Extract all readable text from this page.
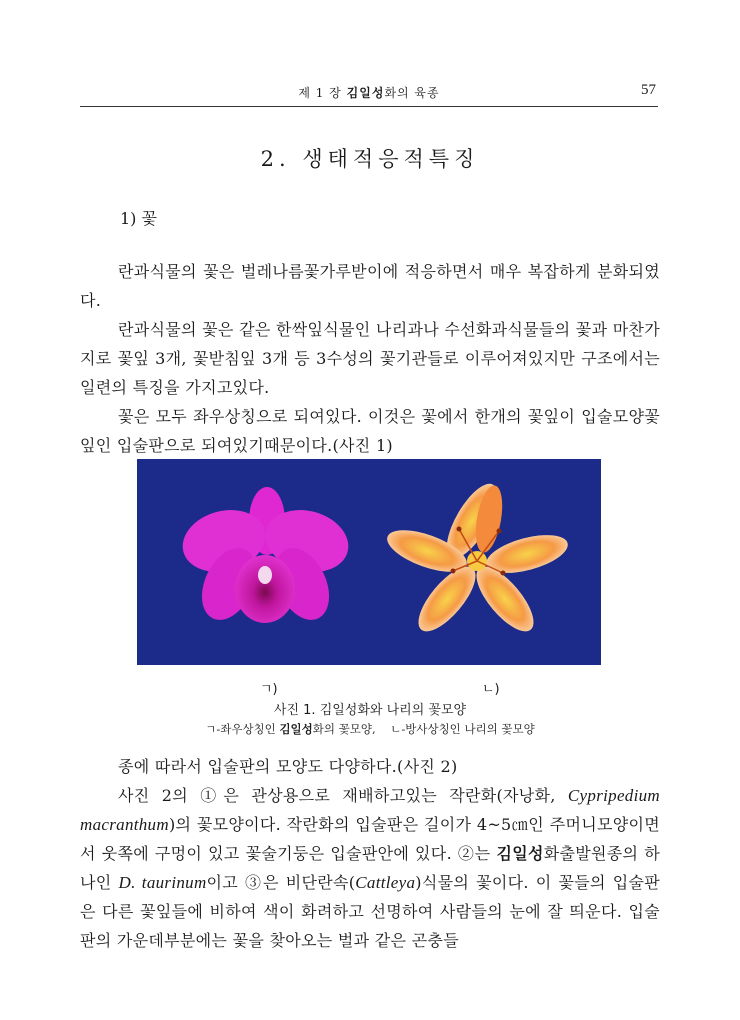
제 1 장 김일성화의 육종	57
2. 생태적응적특징
1) 꽃
란과식물의 꽃은 벌레나름꽃가루받이에 적응하면서 매우 복잡하게 분화되였다.
란과식물의 꽃은 같은 한싹잎식물인 나리과나 수선화과식물들의 꽃과 마찬가지로 꽃잎 3개, 꽃받침잎 3개 등 3수성의 꽃기관들로 이루어져있지만 구조에서는 일련의 특징을 가지고있다.
꽃은 모두 좌우상칭으로 되여있다. 이것은 꽃에서 한개의 꽃잎이 입술모양꽃잎인 입술판으로 되여있기때문이다.(사진 1)
ㄱ)	ㄴ)
사진 1. 김일성화와 나리의 꽃모양
ㄱ-좌우상칭인 김일성화의 꽃모양,    ㄴ-방사상칭인 나리의 꽃모양
종에 따라서 입술판의 모양도 다양하다.(사진 2)
사진 2의 ①은 관상용으로 재배하고있는 작란화(자낭화, Cypripedium macranthum)의 꽃모양이다. 작란화의 입술판은 길이가 4~5㎝인 주머니모양이면서 웃쪽에 구멍이 있고 꽃술기둥은 입술판안에 있다. ②는 김일성화출발원종의 하나인 D. taurinum이고 ③은 비단란속(Cattleya)식물의 꽃이다. 이 꽃들의 입술판은 다른 꽃잎들에 비하여 색이 화려하고 선명하여 사람들의 눈에 잘 띄운다. 입술판의 가운데부분에는 꽃을 찾아오는 벌과 같은 곤충들
